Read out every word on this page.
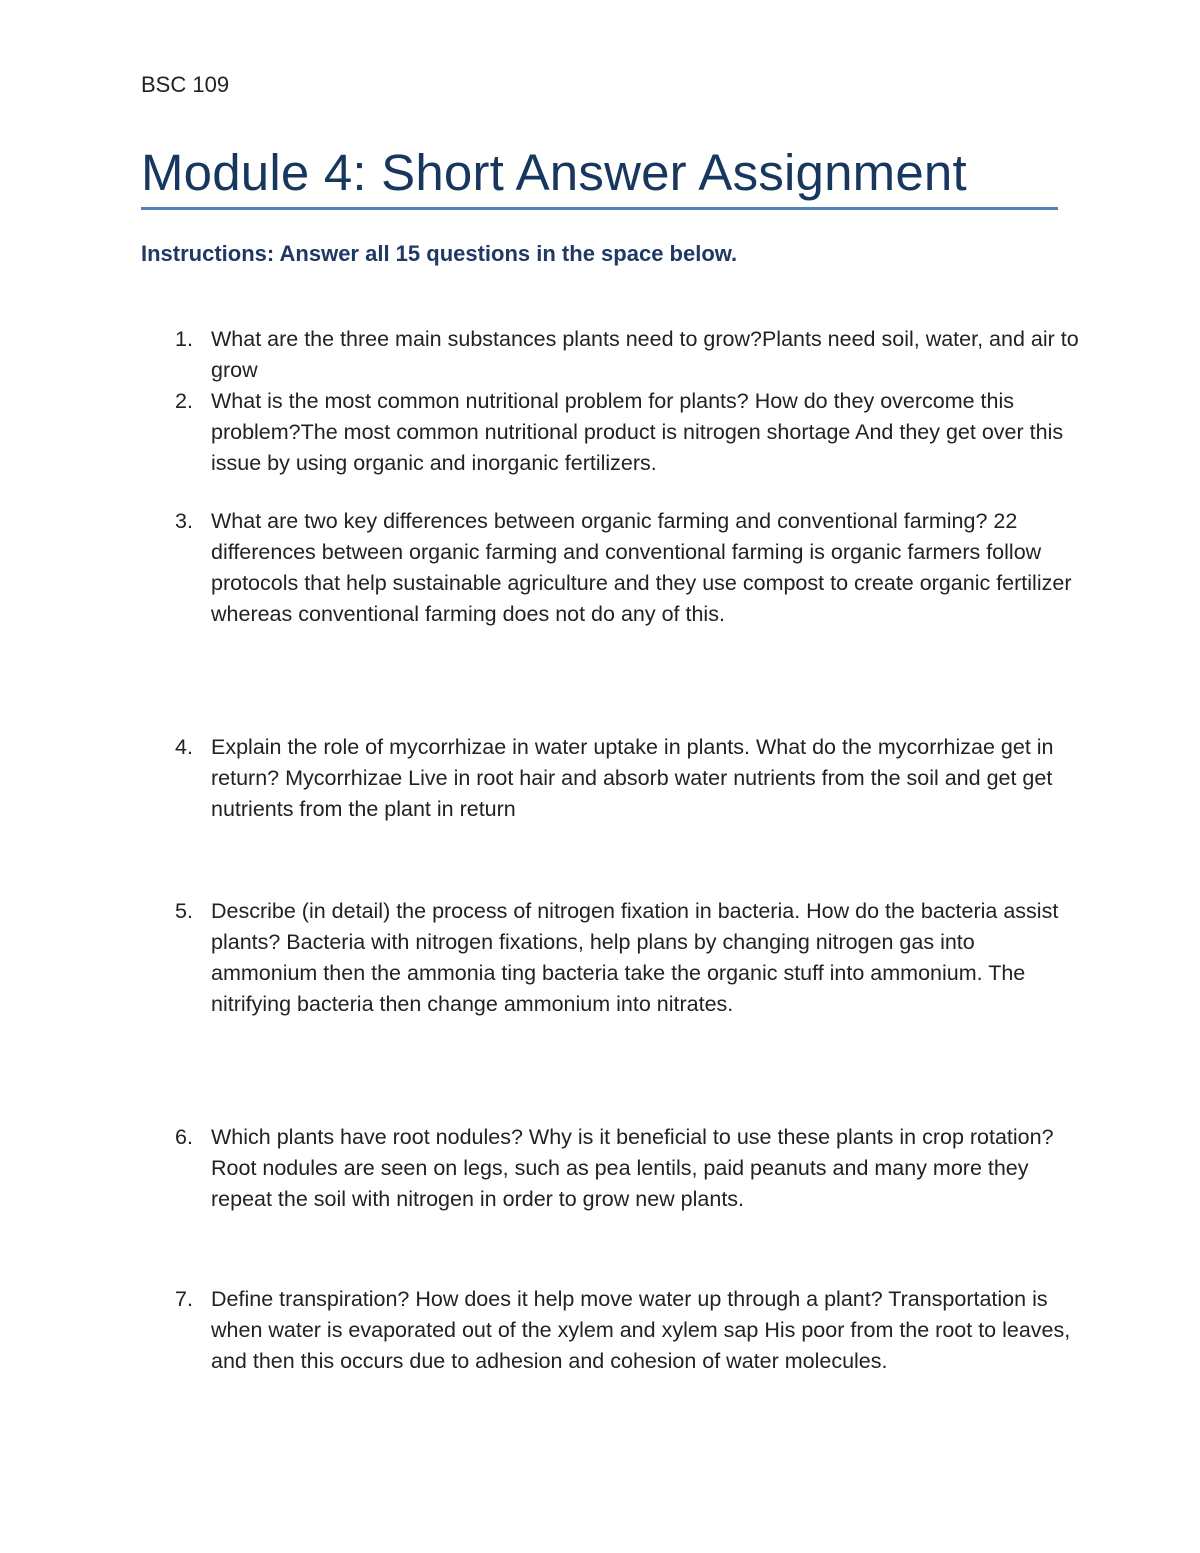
BSC 109
Module 4: Short Answer Assignment
Instructions: Answer all 15 questions in the space below.
1. What are the three main substances plants need to grow?Plants need soil, water, and air to grow

2. What is the most common nutritional problem for plants? How do they overcome this problem?The most common nutritional product is nitrogen shortage And they get over this issue by using organic and inorganic fertilizers.

3. What are two key differences between organic farming and conventional farming? 22 differences between organic farming and conventional farming is organic farmers follow protocols that help sustainable agriculture and they use compost to create organic fertilizer whereas conventional farming does not do any of this.

4. Explain the role of mycorrhizae in water uptake in plants. What do the mycorrhizae get in return? Mycorrhizae Live in root hair and absorb water nutrients from the soil and get get nutrients from the plant in return

5. Describe (in detail) the process of nitrogen fixation in bacteria. How do the bacteria assist plants? Bacteria with nitrogen fixations, help plans by changing nitrogen gas into ammonium then the ammonia ting bacteria take the organic stuff into ammonium. The nitrifying bacteria then change ammonium into nitrates.

6. Which plants have root nodules? Why is it beneficial to use these plants in crop rotation? Root nodules are seen on legs, such as pea lentils, paid peanuts and many more they repeat the soil with nitrogen in order to grow new plants.

7. Define transpiration? How does it help move water up through a plant? Transportation is when water is evaporated out of the xylem and xylem sap His poor from the root to leaves, and then this occurs due to adhesion and cohesion of water molecules.
